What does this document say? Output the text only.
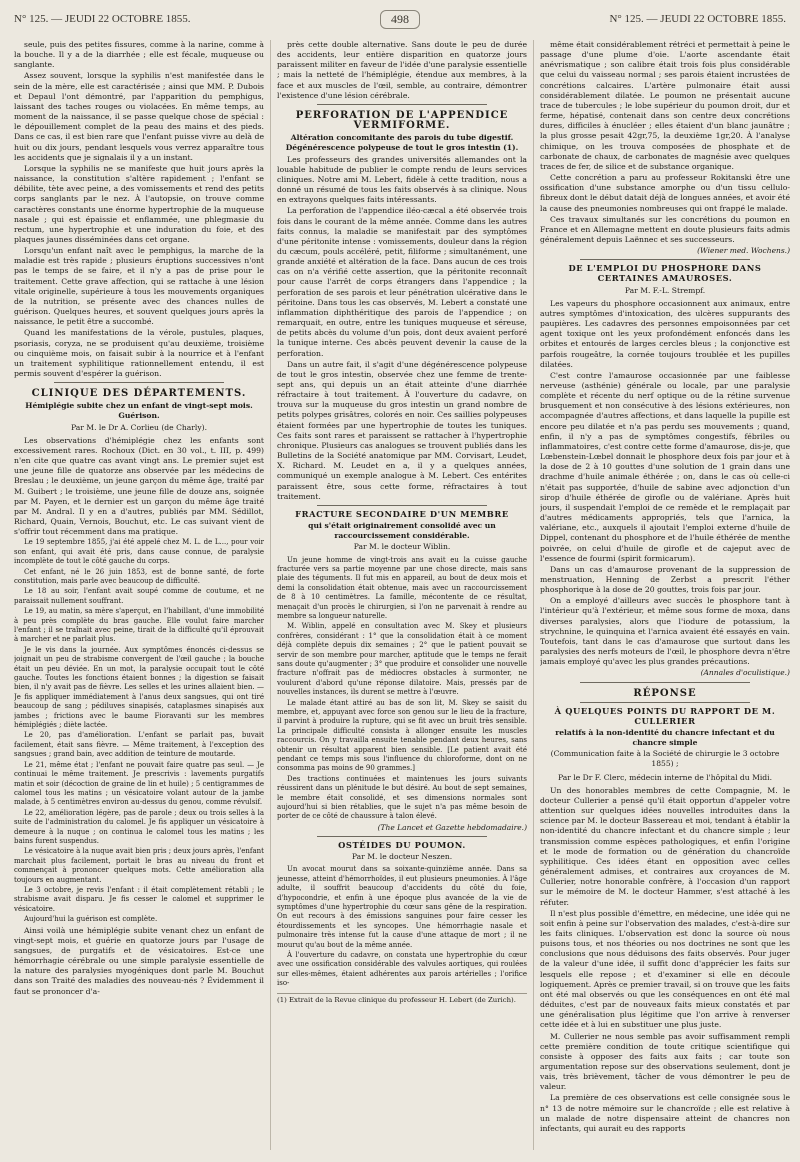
N° 125. — JEUDI 22 OCTOBRE 1855.	498	N° 125. — JEUDI 22 OCTOBRE 1855.
seule, puis des petites fissures, comme à la narine, comme à la bouche. Il y a de la diarrhée ; elle est fécale, muqueuse ou sanglante.
Assez souvent, lorsque la syphilis n'est manifestée dans le sein de la mère, elle est caractérisée ; ainsi que MM. P. Dubois et Depaul l'ont démontré, par l'apparition du pemphigus, laissant des taches rouges ou violacées. En même temps, au moment de la naissance, il se passe quelque chose de spécial : le dépouillement complet de la peau des mains et des pieds. Dans ce cas, il est bien rare que l'enfant puisse vivre au delà de huit ou dix jours, pendant lesquels vous verrez apparaître tous les accidents que je signalais il y a un instant.
Lorsque la syphilis ne se manifeste que huit jours après la naissance, la constitution s'altère rapidement ; l'enfant se débilite, tète avec peine, a des vomissements et rend des petits corps sanglants par le nez. À l'autopsie, on trouve comme caractères constants une énorme hypertrophie de la muqueuse nasale ; qui est épaissie et enflammée, une phlegmasie du rectum, une hypertrophie et une induration du foie, et des plaques jaunes disséminées dans cet organe.
Lorsqu'un enfant naît avec le pemphigus, la marche de la maladie est très rapide ; plusieurs éruptions successives n'ont pas le temps de se faire, et il n'y a pas de prise pour le traitement. Cette grave affection, qui se rattache à une lésion vitale originelle, supérieure à tous les mouvements organiques de la nutrition, se présente avec des chances nulles de guérison. Quelques heures, et souvent quelques jours après la naissance, le petit être a succombé.
Quand les manifestations de la vérole, pustules, plaques, psoriasis, coryza, ne se produisent qu'au deuxième, troisième ou cinquième mois, on faisait subir à la nourrice et à l'enfant un traitement syphilitique rationnellement entendu, il est permis souvent d'espérer la guérison.
CLINIQUE DES DÉPARTEMENTS.
Hémiplégie subite chez un enfant de vingt-sept mois. Guérison.
Par M. le Dr A. Corlieu (de Charly).
Les observations d'hémiplégie chez les enfants sont excessivement rares. Rochoux (Dict. en 30 vol., t. III, p. 499) n'en cite que quatre cas avant vingt ans. Le premier sujet est une jeune fille de quatorze ans observée par les médecins de Breslau ; le deuxième, un jeune garçon du même âge, traité par M. Guibert ; le troisième, une jeune fille de douze ans, soignée par M. Payen, et le dernier est un garçon du même âge traité par M. Andral. Il y en a d'autres, publiés par MM. Sédillot, Richard, Quain, Vernois, Bouchut, etc. Le cas suivant vient de s'offrir tout récemment dans ma pratique.
Le 19 septembre 1855, j'ai été appelé chez M. L. de L..., pour voir son enfant, qui avait été pris, dans cause connue, de paralysie incomplète de tout le côté gauche du corps.
Cet enfant, né le 26 juin 1853, est de bonne santé, de forte constitution, mais parle avec beaucoup de difficulté.
Le 18 au soir, l'enfant avait soupé comme de coutume, et ne paraissait nullement souffrant.
Le 19, au matin, sa mère s'aperçut, en l'habillant, d'une immobilité à peu près complète du bras gauche. Elle voulut faire marcher l'enfant ; il se traînait avec peine, tirait de la difficulté qu'il éprouvait à marcher et ne parlait plus.
Je le vis dans la journée. Aux symptômes énoncés ci-dessus se joignait un peu de strabisme convergent de l'œil gauche ; la bouche était un peu déviée. En un mot, la paralysie occupait tout le côté gauche. Toutes les fonctions étaient bonnes ; la digestion se faisait bien, il n'y avait pas de fièvre. Les selles et les urines allaient bien. — Je fis appliquer immédiatement à l'anus deux sangsues, qui ont tiré beaucoup de sang ; pédiluves sinapisés, cataplasmes sinapisés aux jambes ; frictions avec le baume Fioravanti sur les membres hémiplégiés ; diète lactée.
Le 20, pas d'amélioration. L'enfant se parlait pas, buvait facilement, était sans fièvre. — Même traitement, à l'exception des sangsues ; grand bain, avec addition de teinture de moutarde.
Le 21, même état ; l'enfant ne pouvait faire quatre pas seul. — Je continuai le même traitement. Je prescrivis : lavements purgatifs matin et soir (décoction de graine de lin et huile) ; 5 centigrammes de calomel tous les matins ; un vésicatoire volant autour de la jambe malade, à 5 centimètres environ au-dessus du genou, comme révulsif.
Le 22, amélioration légère, pas de parole ; deux ou trois selles à la suite de l'administration du calomel. Je fis appliquer un vésicatoire à demeure à la nuque ; on continua le calomel tous les matins ; les bains furent suspendus.
Le vésicatoire à la nuque avait bien pris ; deux jours après, l'enfant marchait plus facilement, portait le bras au niveau du front et commençait à prononcer quelques mots. Cette amélioration alla toujours en augmentant.
Le 3 octobre, je revis l'enfant : il était complètement rétabli ; le strabisme avait disparu. Je fis cesser le calomel et supprimer le vésicatoire.
Aujourd'hui la guérison est complète.
Ainsi voilà une hémiplégie subite venant chez un enfant de vingt-sept mois, et guérie en quatorze jours par l'usage de sangsues, de purgatifs et de vésicatoires. Est-ce une hémorrhagie cérébrale ou une simple paralysie essentielle de la nature des paralysies myogéniques dont parle M. Bouchut dans son Traité des maladies des nouveau-nés ? Évidemment il faut se prononcer d'a-
près cette double alternative. Sans doute le peu de durée des accidents, leur entière disparition en quatorze jours paraissent militer en faveur de l'idée d'une paralysie essentielle ; mais la netteté de l'hémiplégie, étendue aux membres, à la face et aux muscles de l'œil, semble, au contraire, démontrer l'existence d'une lésion cérébrale.
PERFORATION DE L'APPENDICE VERMIFORME.
Altération concomitante des parois du tube digestif. Dégénérescence polypeuse de tout le gros intestin (1).
Les professeurs des grandes universités allemandes ont la louable habitude de publier le compte rendu de leurs services cliniques. Notre ami M. Lebert, fidèle à cette tradition, nous a donné un résumé de tous les faits observés à sa clinique. Nous en extrayons quelques faits intéressants.
La perforation de l'appendice iléo-cæcal a été observée trois fois dans le courant de la même année. Comme dans les autres faits connus, la maladie se manifestait par des symptômes d'une péritonite intense : vomissements, douleur dans la région du cæcum, pouls accéléré, petit, filiforme ; simultanément, une grande anxiété et altération de la face. Dans aucun de ces trois cas on n'a vérifié cette assertion, que la péritonite reconnaît pour cause l'arrêt de corps étrangers dans l'appendice ; la perforation de ses parois et leur pénétration ulcérative dans le péritoine. Dans tous les cas observés, M. Lebert a constaté une inflammation diphthéritique des parois de l'appendice ; on remarquait, en outre, entre les tuniques muqueuse et séreuse, de petits abcès du volume d'un pois, dont deux avaient perforé la tunique interne. Ces abcès peuvent devenir la cause de la perforation.
Dans un autre fait, il s'agit d'une dégénérescence polypeuse de tout le gros intestin, observée chez une femme de trente-sept ans, qui depuis un an était atteinte d'une diarrhée réfractaire à tout traitement. À l'ouverture du cadavre, on trouva sur la muqueuse du gros intestin un grand nombre de petits polypes grisâtres, colorés en noir. Ces saillies polypeuses étaient formées par une hypertrophie de toutes les tuniques. Ces faits sont rares et paraissent se rattacher à l'hypertrophie chronique. Plusieurs cas analogues se trouvent publiés dans les Bulletins de la Société anatomique par MM. Corvisart, Leudet, X. Richard. M. Leudet en a, il y a quelques années, communiqué un exemple analogue à M. Lebert. Ces entérites paraissent être, sous cette forme, réfractaires à tout traitement.
FRACTURE SECONDAIRE D'UN MEMBRE
qui s'était originairement consolidé avec un raccourcissement considérable.
Par M. le docteur Wiblin.
Un jeune homme de vingt-trois ans avait eu la cuisse gauche fracturée vers sa partie moyenne par une chose directe, mais sans plaie des téguments. Il fut mis en appareil, au bout de deux mois et demi la consolidation était obtenue, mais avec un raccourcissement de 8 à 10 centimètres. La famille, mécontente de ce résultat, menaçait d'un procès le chirurgien, si l'on ne parvenait à rendre au membre sa longueur naturelle.
M. Wiblin, appelé en consultation avec M. Skey et plusieurs confrères, considérant : 1° que la consolidation était à ce moment déjà complète depuis dix semaines ; 2° que le patient pouvait se servir de son membre pour marcher, aptitude que le temps ne ferait sans doute qu'augmenter ; 3° que produire et consolider une nouvelle fracture n'offrait pas de médiocres obstacles à surmonter, ne voulurent d'abord qu'une réponse dilatoire. Mais, pressés par de nouvelles instances, ils durent se mettre à l'œuvre.
Le malade étant attiré au bas de son lit, M. Skey se saisit du membre, et, appuyant avec force son genou sur le lieu de la fracture, il parvint à produire la rupture, qui se fit avec un bruit très sensible. La principale difficulté consista à allonger ensuite les muscles raccourcis. On y travailla ensuite tenable pendant deux heures, sans obtenir un résultat apparent bien sensible. [Le patient avait été pendant ce temps mis sous l'influence du chloroforme, dont on ne consomma pas moins de 90 grammes.]
Des tractions continuées et maintenues les jours suivants réussirent dans un plénitude le but désiré. Au bout de sept semaines, le membre était consolidé, et ses dimensions normales sont aujourd'hui si bien rétablies, que le sujet n'a pas même besoin de porter de ce côté de chaussure à talon élevé.
(The Lancet et Gazette hebdomadaire.)
OSTÉIDES DU POUMON.
Par M. le docteur Neszen.
Un avocat mourut dans sa soixante-quinzième année. Dans sa jeunesse, atteint d'hémorrhoïdes, il eut plusieurs pneumonies. À l'âge adulte, il souffrit beaucoup d'accidents du côté du foie, d'hypocondrie, et enfin à une époque plus avancée de la vie de symptômes d'une hypertrophie du cœur sans gêne de la respiration. On eut recours à des émissions sanguines pour faire cesser les étourdissements et les syncopes. Une hémorrhagie nasale et pulmonaire très intense fut la cause d'une attaque de mort ; il ne mourut qu'au bout de la même année.
À l'ouverture du cadavre, on constata une hypertrophie du cœur avec une ossification considérable des valvules aortiques, qui roulées sur elles-mêmes, étaient adhérentes aux parois artérielles ; l'orifice iso-
(1) Extrait de la Revue clinique du professeur H. Lebert (de Zurich).
même était considérablement rétréci et permettait à peine le passage d'une plume d'oie. L'aorte ascendante était anévrismatique ; son calibre était trois fois plus considérable que celui du vaisseau normal ; ses parois étaient incrustées de concrétions calcaires. L'artère pulmonaire était aussi considérablement dilatée. Le poumon ne présentait aucune trace de tubercules ; le lobe supérieur du poumon droit, dur et ferme, hépatisé, contenait dans son centre deux concrétions dures, difficiles à énucléer ; elles étaient d'un blanc jaunâtre ; la plus grosse pesait 42gr,75, la deuxième 1gr,20. À l'analyse chimique, on les trouva composées de phosphate et de carbonate de chaux, de carbonates de magnésie avec quelques traces de fer, de silice et de substance organique.
Cette concrétion a paru au professeur Rokitanski être une ossification d'une substance amorphe ou d'un tissu cellulo-fibreux dont le début datait déjà de longues années, et avoir été la cause des pneumonies nombreuses qui ont frappé le malade.
Ces travaux simultanés sur les concrétions du poumon en France et en Allemagne mettent en doute plusieurs faits admis généralement depuis Laënnec et ses successeurs.
(Wiener med. Wochens.)
DE L'EMPLOI DU PHOSPHORE DANS CERTAINES AMAUROSES.
Par M. F.-L. Strempf.
Les vapeurs du phosphore occasionnent aux animaux, entre autres symptômes d'intoxication, des ulcères suppurants des paupières. Les cadavres des personnes empoisonnées par cet agent toxique ont les yeux profondément enfoncés dans les orbites et entourés de larges cercles bleus ; la conjonctive est parfois rougeâtre, la cornée toujours troublée et les pupilles dilatées.
C'est contre l'amaurose occasionnée par une faiblesse nerveuse (asthénie) générale ou locale, par une paralysie complète et récente du nerf optique ou de la rétine survenue brusquement et non consécutive à des lésions extérieures, non accompagnée d'autres affections, et dans laquelle la pupille est encore peu dilatée et n'a pas perdu ses mouvements ; quand, enfin, il n'y a pas de symptômes congestifs, fébriles ou inflammatoires, c'est contre cette forme d'amaurose, dis-je, que Lœbenstein-Lœbel donnait le phosphore deux fois par jour et à la dose de 2 à 10 gouttes d'une solution de 1 grain dans une drachme d'huile animale éthérée ; on, dans le cas où celle-ci n'était pas supportée, d'huile de sabine avec adjonction d'un sirop d'huile éthérée de girofle ou de valériane. Après huit jours, il suspendait l'emploi de ce remède et le remplaçait par d'autres médicaments appropriés, tels que l'arnica, la valériane, etc., auxquels il ajoutait l'emploi externe d'huile de Dippel, contenant du phosphore et de l'huile éthérée de menthe poivrée, on celui d'huile de girofle et de cajeput avec de l'essence de fourmi (spirit formicarum).
Dans un cas d'amaurose provenant de la suppression de menstruation, Henning de Zerbst a prescrit l'éther phosphorique à la dose de 20 gouttes, trois fois par jour.
On a employé d'ailleurs avec succès le phosphore tant à l'intérieur qu'à l'extérieur, et même sous forme de moxa, dans diverses paralysies, alors que l'iodure de potassium, la strychnine, le quinquina et l'arnica avaient été essayés en vain. Toutefois, tant dans le cas d'amaurose que surtout dans les paralysies des nerfs moteurs de l'œil, le phosphore devra n'être jamais employé qu'avec les plus grandes précautions.
(Annales d'oculistique.)
RÉPONSE
À QUELQUES POINTS DU RAPPORT DE M. CULLERIER
relatifs à la non-identité du chancre infectant et du chancre simple
(Communication faite à la Société de chirurgie le 3 octobre 1855) ;
Par le Dr F. Clerc, médecin interne de l'hôpital du Midi.
Un des honorables membres de cette Compagnie, M. le docteur Cullerier a pensé qu'il était opportun d'appeler votre attention sur quelques idées nouvelles introduites dans la science par M. le docteur Bassereau et moi, tendant à établir la non-identité du chancre infectant et du chancre simple ; leur transmission comme espèces pathologiques, et enfin l'origine et le mode de formation ou de génération du chancroïde syphilitique. Ces idées étant en opposition avec celles généralement admises, et contraires aux croyances de M. Cullerier, notre honorable confrère, à l'occasion d'un rapport sur le mémoire de M. le docteur Hammer, s'est attaché à les réfuter.
Il n'est plus possible d'émettre, en médecine, une idée qui ne soit enfin à peine sur l'observation des malades, c'est-à-dire sur les faits cliniques. L'observation est donc la source où nous puisons tous, et nos théories ou nos doctrines ne sont que les conclusions que nous déduisons des faits observés. Pour juger de la valeur d'une idée, il suffit donc d'apprécier les faits sur lesquels elle repose ; et d'examiner si elle en découle logiquement. Après ce premier travail, si on trouve que les faits ont été mal observés ou que les conséquences en ont été mal déduites, c'est par de nouveaux faits mieux constatés et par une généralisation plus légitime que l'on arrive à renverser cette idée et à lui en substituer une plus juste.
M. Cullerier ne nous semble pas avoir suffisamment rempli cette première condition de toute critique scientifique qui consiste à opposer des faits aux faits ; car toute son argumentation repose sur des observations seulement, dont je vais, très brièvement, tâcher de vous démontrer le peu de valeur.
La première de ces observations est celle consignée sous le n° 13 de notre mémoire sur le chancroïde ; elle est relative à un malade de notre dispensaire atteint de chancres non infectants, qui aurait eu des rapports
